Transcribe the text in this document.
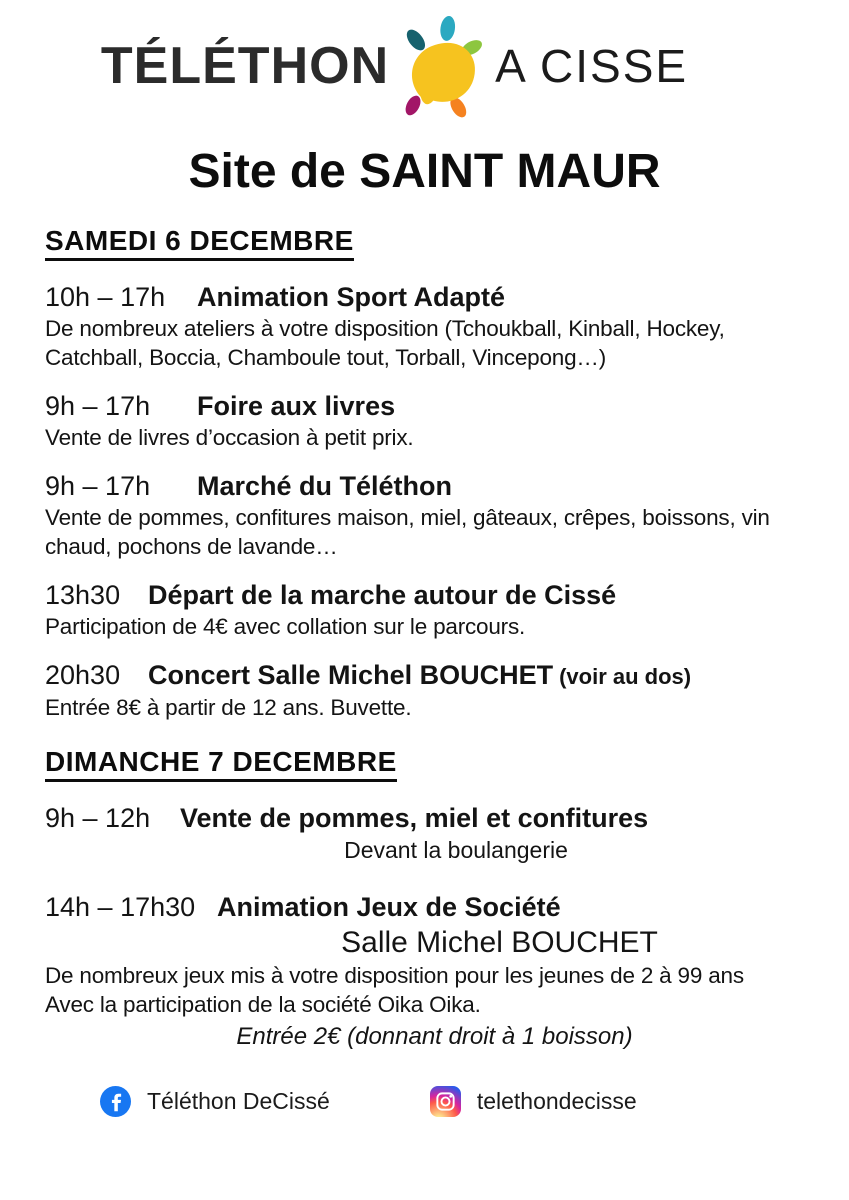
TÉLÉTHON A CISSE
Site de SAINT MAUR
SAMEDI 6 DECEMBRE
10h – 17h Animation Sport Adapté
De nombreux ateliers à votre disposition (Tchoukball, Kinball, Hockey,
Catchball, Boccia, Chamboule tout, Torball, Vincepong…)
9h – 17h Foire aux livres
Vente de livres d’occasion à petit prix.
9h – 17h Marché du Téléthon
Vente de pommes, confitures maison, miel, gâteaux, crêpes, boissons, vin
chaud, pochons de lavande…
13h30 Départ de la marche autour de Cissé
Participation de 4€ avec collation sur le parcours.
20h30 Concert Salle Michel BOUCHET (voir au dos)
Entrée 8€ à partir de 12 ans. Buvette.
DIMANCHE 7 DECEMBRE
9h – 12h Vente de pommes, miel et confitures
Devant la boulangerie
14h – 17h30 Animation Jeux de Société
Salle Michel BOUCHET
De nombreux jeux mis à votre disposition pour les jeunes de 2 à 99 ans
Avec la participation de la société Oika Oika.
Entrée 2€ (donnant droit à 1 boisson)
Téléthon DeCissé	telethondecisse
